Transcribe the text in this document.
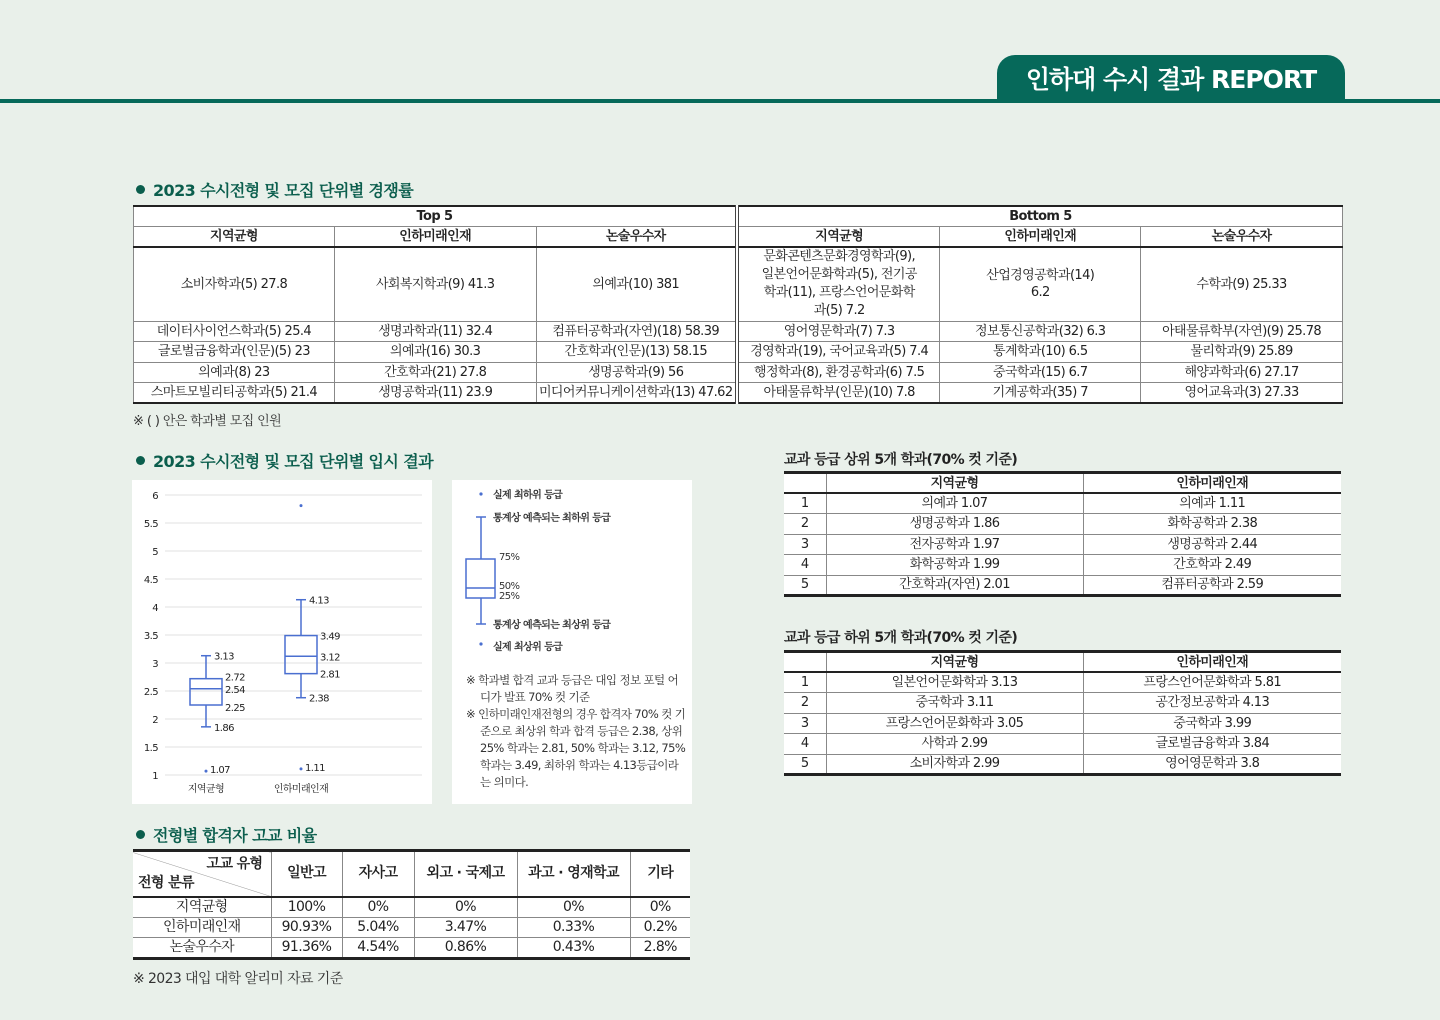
인하대 수시 결과 REPORT
2023 수시전형 및 모집 단위별 경쟁률
Top 5			Bottom 5		
지역균형	인하미래인재	논술우수자	지역균형	인하미래인재	논술우수자
소비자학과(5) 27.8	사회복지학과(9) 41.3	의예과(10) 381	문화콘텐츠문화경영학과(9), 일본언어문화학과(5), 전기공학과(11), 프랑스언어문화학과(5) 7.2	산업경영공학과(14) 6.2	수학과(9) 25.33
데이터사이언스학과(5) 25.4	생명과학과(11) 32.4	컴퓨터공학과(자연)(18) 58.39	영어영문학과(7) 7.3	정보통신공학과(32) 6.3	아태물류학부(자연)(9) 25.78
글로벌금융학과(인문)(5) 23	의예과(16) 30.3	간호학과(인문)(13) 58.15	경영학과(19), 국어교육과(5) 7.4	통계학과(10) 6.5	물리학과(9) 25.89
의예과(8) 23	간호학과(21) 27.8	생명공학과(9) 56	행정학과(8), 환경공학과(6) 7.5	중국학과(15) 6.7	해양과학과(6) 27.17
스마트모빌리티공학과(5) 21.4	생명공학과(11) 23.9	미디어커뮤니케이션학과(13) 47.62	아태물류학부(인문)(10) 7.8	기계공학과(35) 7	영어교육과(3) 27.33
※ ( ) 안은 학과별 모집 인원
2023 수시전형 및 모집 단위별 입시 결과
1
1.5
2
2.5
3
3.5
4
4.5
5
5.5
6
3.13
2.72
2.54
2.25
1.86
1.07
지역균형
4.13
3.49
3.12
2.81
2.38
1.11
인하미래인재
실제 최하위 등급
통계상 예측되는 최하위 등급
75%
50%
25%
통계상 예측되는 최상위 등급
실제 최상위 등급

※ 학과별 합격 교과 등급은 대입 정보 포털 어디가 발표 70% 컷 기준

※ 인하미래인재전형의 경우 합격자 70% 컷 기준으로 최상위 학과 합격 등급은 2.38, 상위 25% 학과는 2.81, 50% 학과는 3.12, 75% 학과는 3.49, 최하위 학과는 4.13등급이라는 의미다.

교과 등급 상위 5개 학과(70% 컷 기준)
	지역균형	인하미래인재
1	의예과 1.07	의예과 1.11
2	생명공학과 1.86	화학공학과 2.38
3	전자공학과 1.97	생명공학과 2.44
4	화학공학과 1.99	간호학과 2.49
5	간호학과(자연) 2.01	컴퓨터공학과 2.59
교과 등급 하위 5개 학과(70% 컷 기준)
	지역균형	인하미래인재
1	일본언어문화학과 3.13	프랑스언어문화학과 5.81
2	중국학과 3.11	공간정보공학과 4.13
3	프랑스언어문화학과 3.05	중국학과 3.99
4	사학과 2.99	글로벌금융학과 3.84
5	소비자학과 2.99	영어영문학과 3.8
전형별 합격자 고교 비율
고교 유형
전형 분류	일반고	자사고	외고 · 국제고	과고 · 영재학교	기타
지역균형	100%	0%	0%	0%	0%
인하미래인재	90.93%	5.04%	3.47%	0.33%	0.2%
논술우수자	91.36%	4.54%	0.86%	0.43%	2.8%
※ 2023 대입 대학 알리미 자료 기준
